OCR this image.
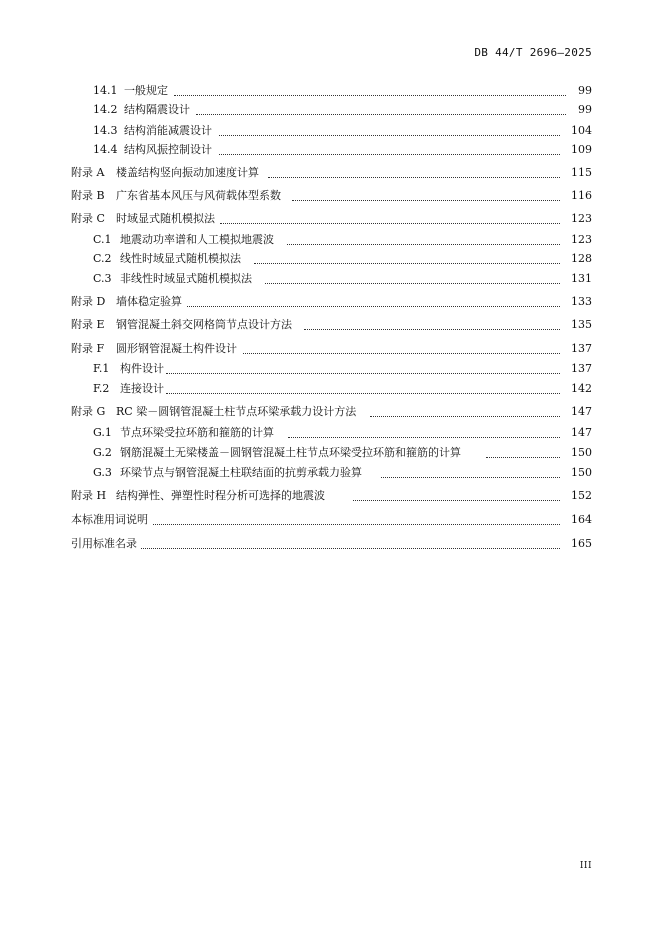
DB 44/T 2696—2025
14.1 一般规定	99
14.2 结构隔震设计	99
14.3 结构消能减震设计	104
14.4 结构风振控制设计	109
附录 A	楼盖结构竖向振动加速度计算	115
附录 B	广东省基本风压与风荷载体型系数	116
附录 C	时域显式随机模拟法	123
C.1 地震动功率谱和人工模拟地震波	123
C.2 线性时域显式随机模拟法	128
C.3 非线性时域显式随机模拟法	131
附录 D 墙体稳定验算	133
附录 E	钢管混凝土斜交网格筒节点设计方法	135
附录 F	圆形钢管混凝土构件设计	137
F.1 构件设计	137
F.2 连接设计	142
附录 G RC 梁－圆钢管混凝土柱节点环梁承载力设计方法	147
G.1 节点环梁受拉环筋和箍筋的计算	147
G.2 钢筋混凝土无梁楼盖－圆钢管混凝土柱节点环梁受拉环筋和箍筋的计算	150
G.3 环梁节点与钢管混凝土柱联结面的抗剪承载力验算	150
附录 H 结构弹性、弹塑性时程分析可选择的地震波	152
本标准用词说明	164
引用标准名录	165
III
